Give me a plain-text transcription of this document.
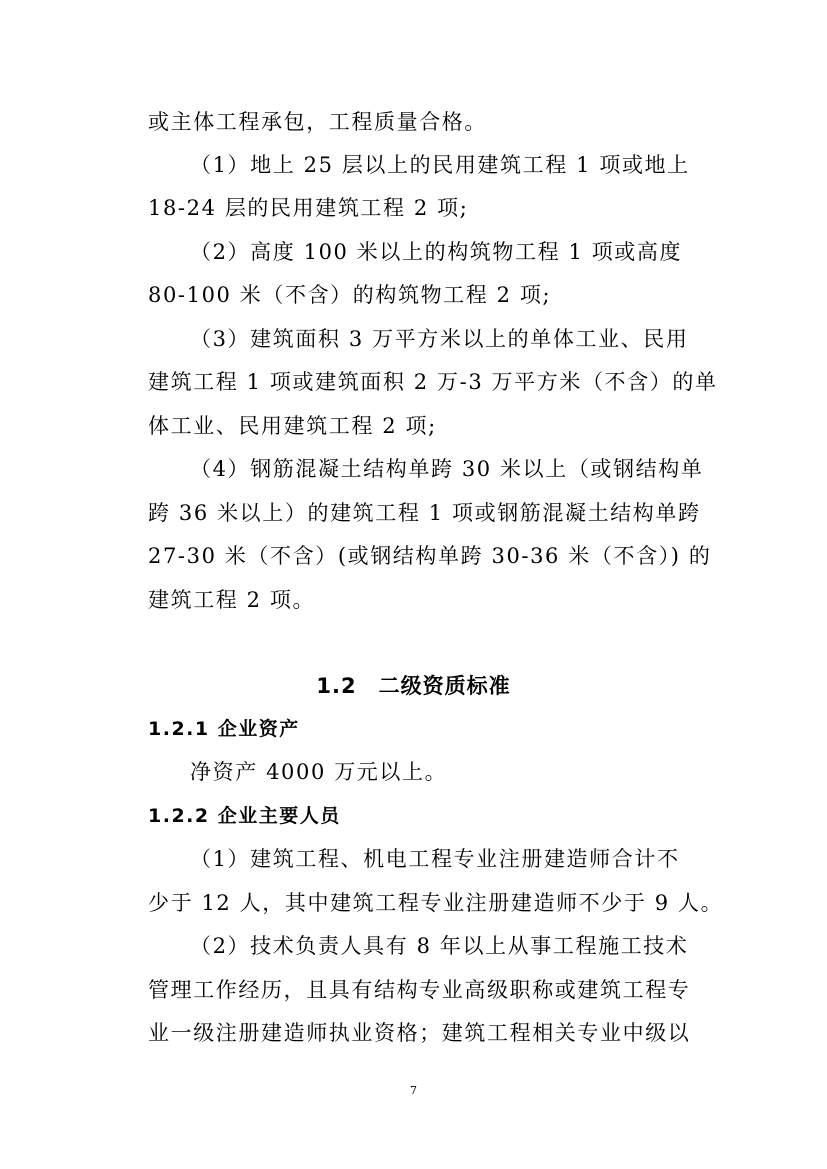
或主体工程承包，工程质量合格。
（1）地上 25 层以上的民用建筑工程 1 项或地上
18-24 层的民用建筑工程 2 项;
（2）高度 100 米以上的构筑物工程 1 项或高度
80-100 米（不含）的构筑物工程 2 项;
（3）建筑面积 3 万平方米以上的单体工业、民用
建筑工程 1 项或建筑面积 2 万-3 万平方米（不含）的单
体工业、民用建筑工程 2 项;
（4）钢筋混凝土结构单跨 30 米以上（或钢结构单
跨 36 米以上）的建筑工程 1 项或钢筋混凝土结构单跨
27-30 米（不含）(或钢结构单跨 30-36 米（不含）) 的
建筑工程 2 项。
1.2　二级资质标准
1.2.1 企业资产
净资产 4000 万元以上。
1.2.2 企业主要人员
（1）建筑工程、机电工程专业注册建造师合计不
少于 12 人，其中建筑工程专业注册建造师不少于 9 人。
（2）技术负责人具有 8 年以上从事工程施工技术
管理工作经历，且具有结构专业高级职称或建筑工程专
业一级注册建造师执业资格；建筑工程相关专业中级以
7
